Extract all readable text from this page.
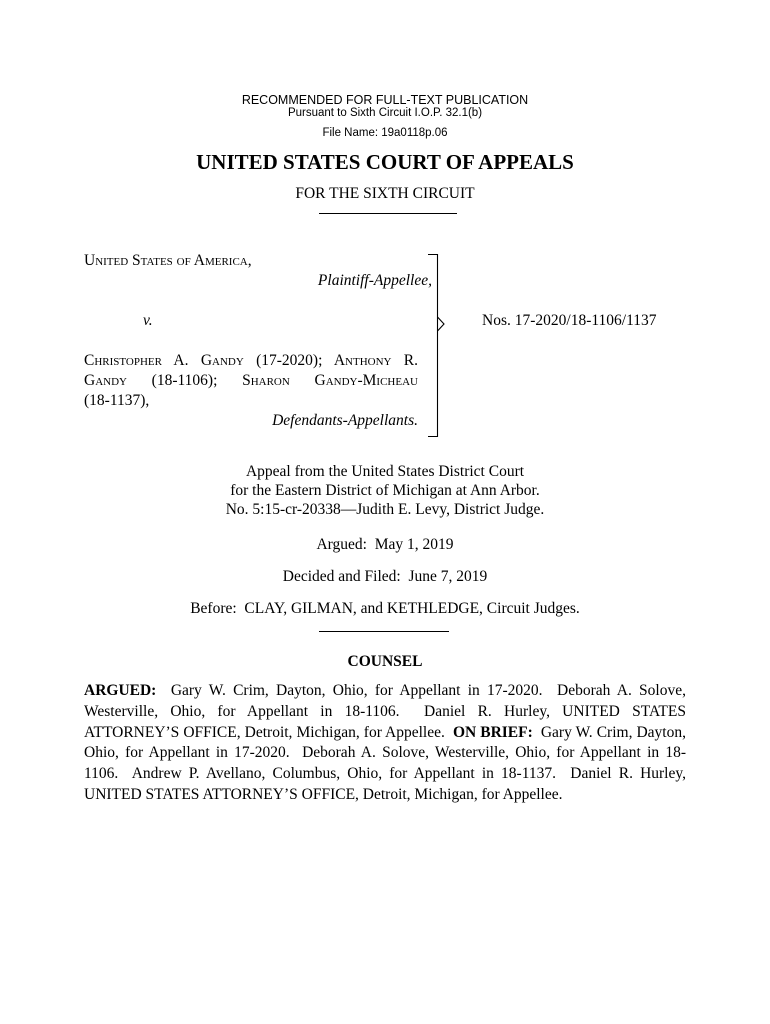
RECOMMENDED FOR FULL-TEXT PUBLICATION
Pursuant to Sixth Circuit I.O.P. 32.1(b)
File Name: 19a0118p.06
UNITED STATES COURT OF APPEALS
FOR THE SIXTH CIRCUIT
United States of America,
Plaintiff-Appellee,
v.
Christopher A. Gandy (17-2020); Anthony R.
Gandy (18-1106); Sharon Gandy-Micheau
(18-1137),
Defendants-Appellants.
Nos. 17-2020/18-1106/1137
Appeal from the United States District Court
for the Eastern District of Michigan at Ann Arbor.
No. 5:15-cr-20338—Judith E. Levy, District Judge.
Argued:  May 1, 2019
Decided and Filed:  June 7, 2019
Before:  CLAY, GILMAN, and KETHLEDGE, Circuit Judges.
COUNSEL
ARGUED:  Gary W. Crim, Dayton, Ohio, for Appellant in 17-2020.  Deborah A. Solove, Westerville, Ohio, for Appellant in 18-1106.  Daniel R. Hurley, UNITED STATES ATTORNEY’S OFFICE, Detroit, Michigan, for Appellee.  ON BRIEF:  Gary W. Crim, Dayton, Ohio, for Appellant in 17-2020.  Deborah A. Solove, Westerville, Ohio, for Appellant in 18-1106.  Andrew P. Avellano, Columbus, Ohio, for Appellant in 18-1137.  Daniel R. Hurley, UNITED STATES ATTORNEY’S OFFICE, Detroit, Michigan, for Appellee.
